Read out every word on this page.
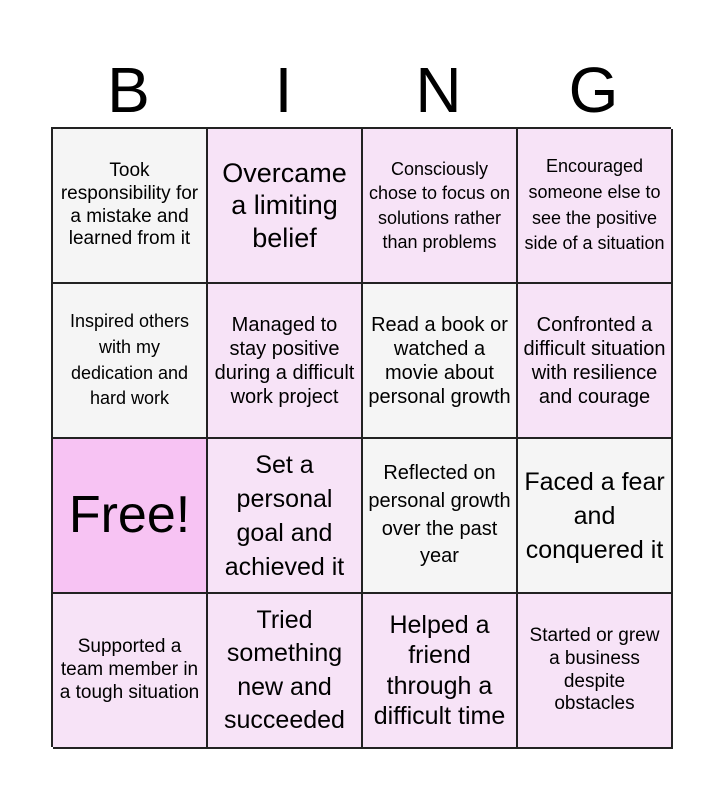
B	I	N	G
Took responsibility for a mistake and learned from it
Overcame a limiting belief
Consciously chose to focus on solutions rather than problems
Encouraged someone else to see the positive side of a situation
Inspired others with my dedication and hard work
Managed to stay positive during a difficult work project
Read a book or watched a movie about personal growth
Confronted a difficult situation with resilience and courage
Free!
Set a personal goal and achieved it
Reflected on personal growth over the past year
Faced a fear and conquered it
Supported a team member in a tough situation
Tried something new and succeeded
Helped a friend through a difficult time
Started or grew a business despite obstacles
